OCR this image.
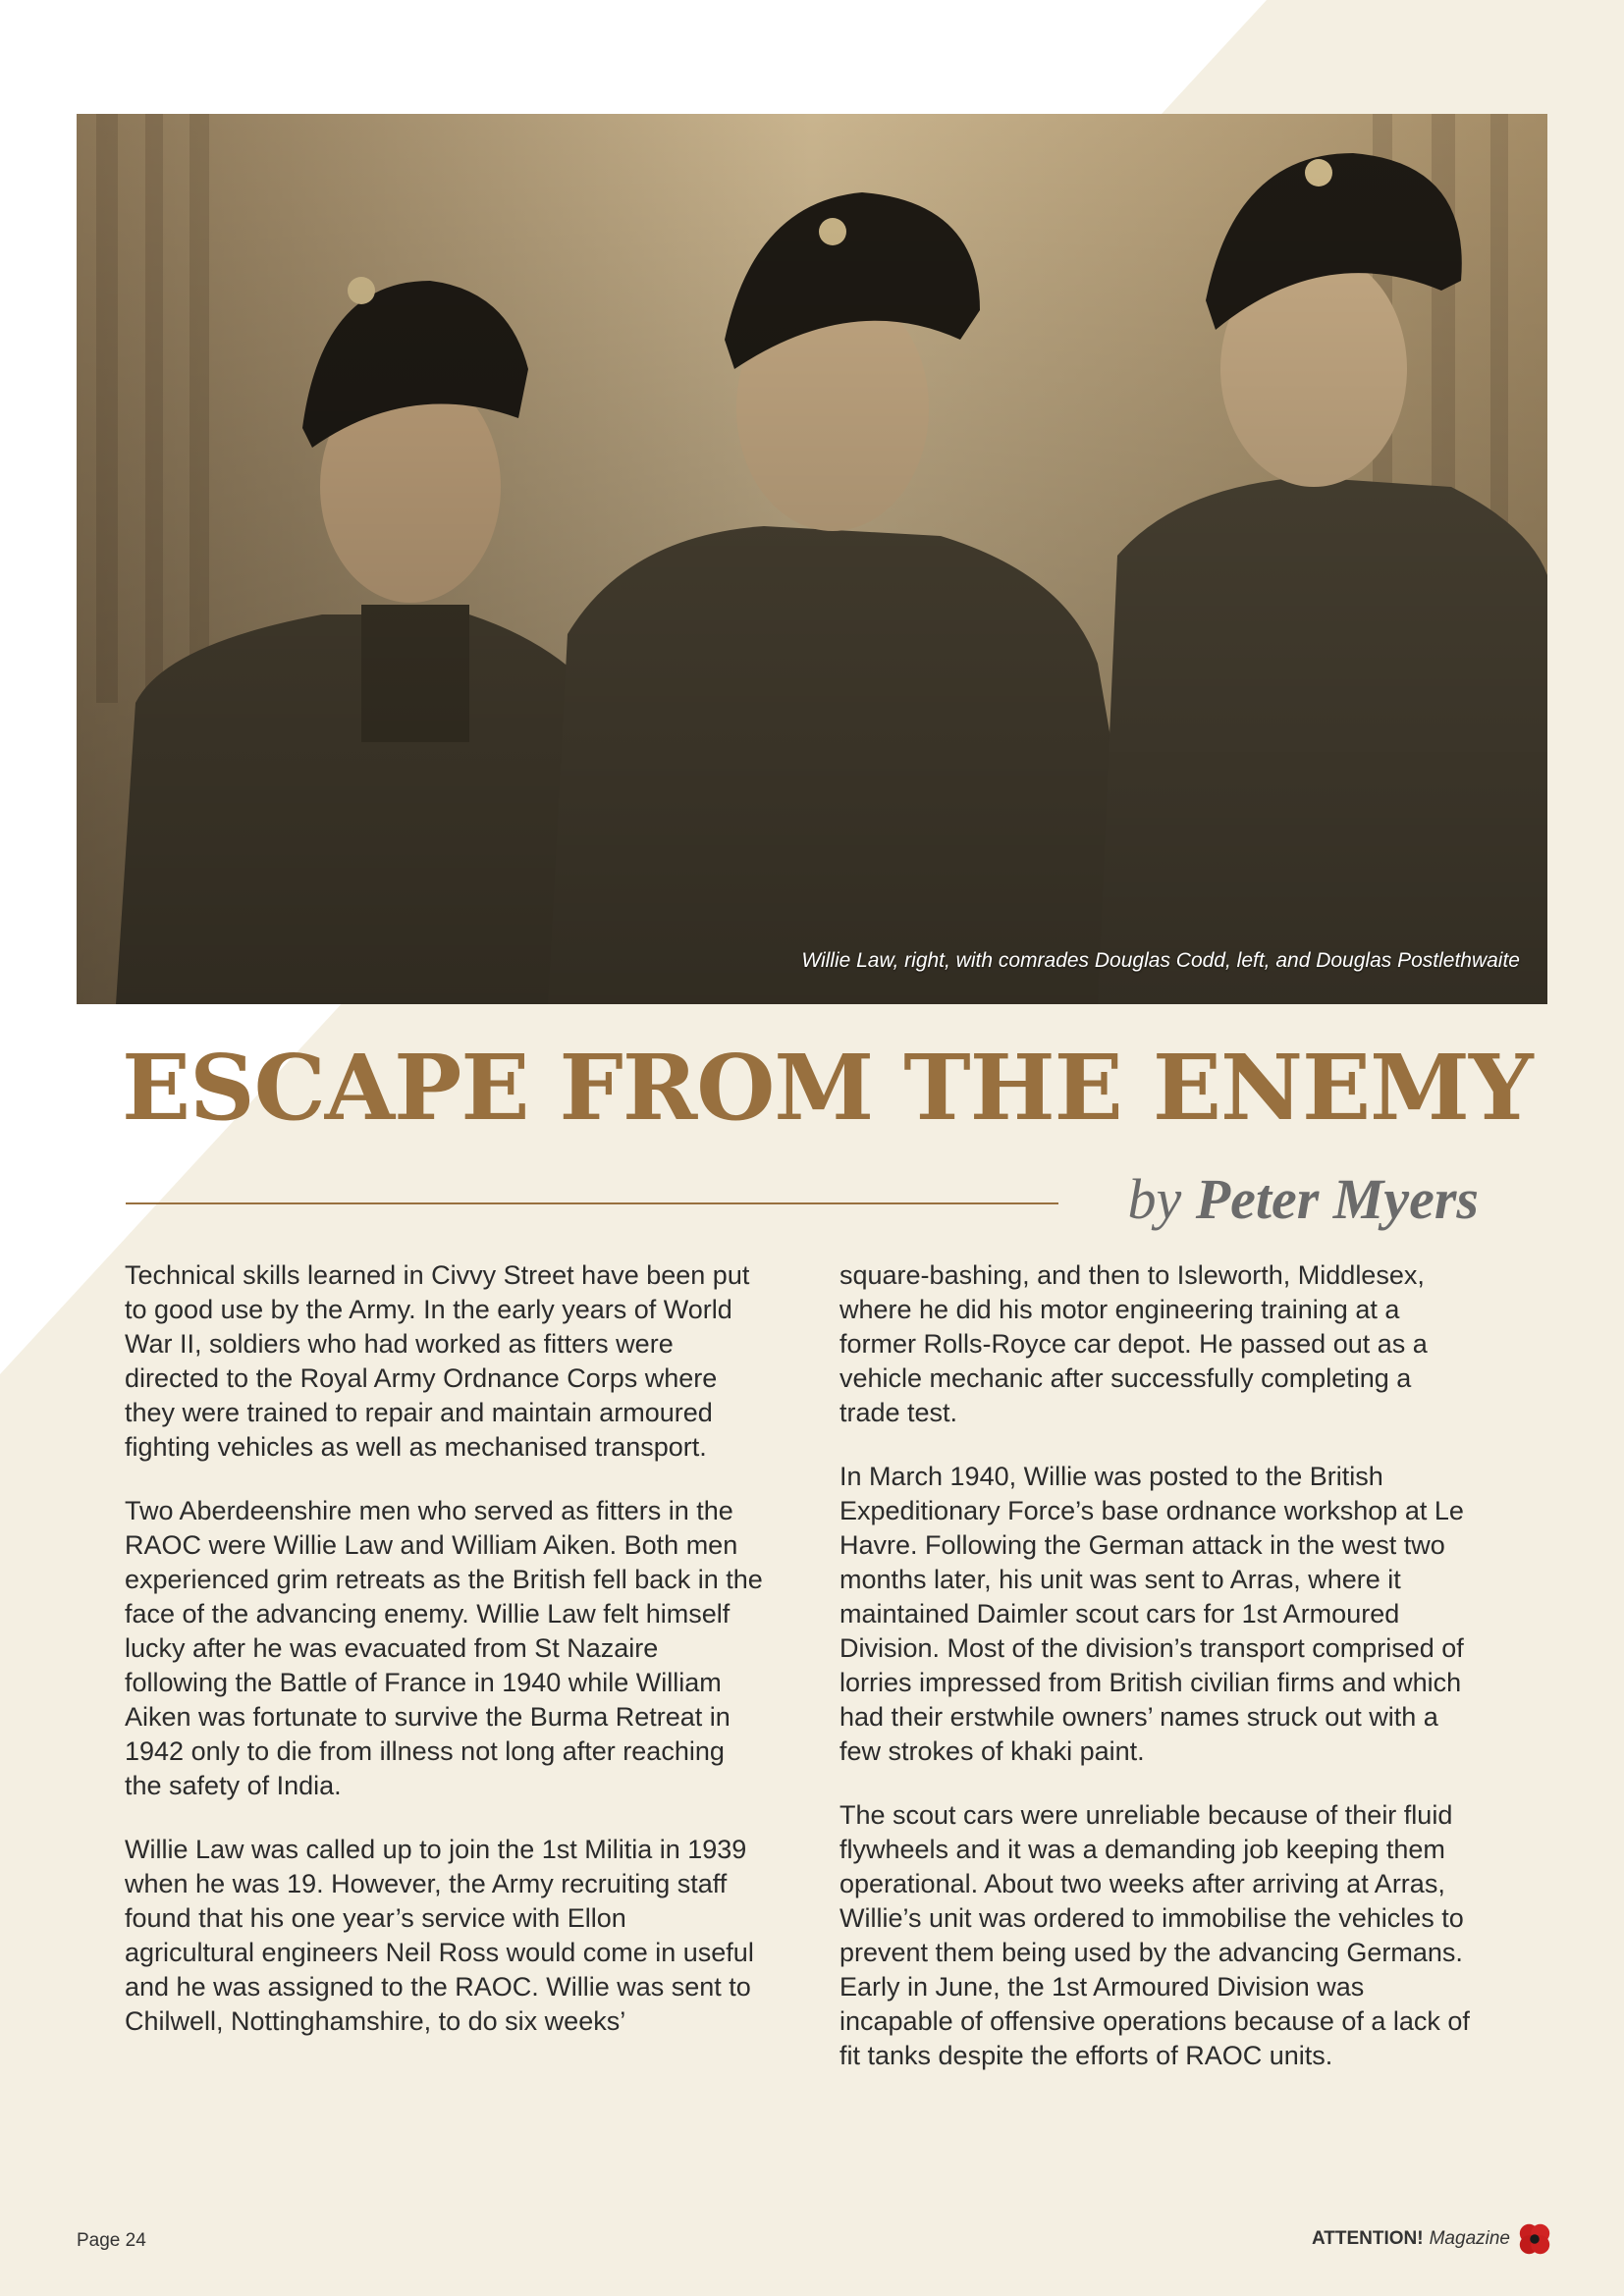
Willie Law, right, with comrades Douglas Codd, left, and Douglas Postlethwaite
ESCAPE FROM THE ENEMY
by Peter Myers

Technical skills learned in Civvy Street have been put to good use by the Army. In the early years of World War II, soldiers who had worked as fitters were directed to the Royal Army Ordnance Corps where they were trained to repair and maintain armoured fighting vehicles as well as mechanised transport.

Two Aberdeenshire men who served as fitters in the RAOC were Willie Law and William Aiken. Both men experienced grim retreats as the British fell back in the face of the advancing enemy. Willie Law felt himself lucky after he was evacuated from St Nazaire following the Battle of France in 1940 while William Aiken was fortunate to survive the Burma Retreat in 1942 only to die from illness not long after reaching the safety of India.

Willie Law was called up to join the 1st Militia in 1939 when he was 19. However, the Army recruiting staff found that his one year’s service with Ellon agricultural engineers Neil Ross would come in useful and he was assigned to the RAOC. Willie was sent to Chilwell, Nottinghamshire, to do six weeks’

square-bashing, and then to Isleworth, Middlesex, where he did his motor engineering training at a former Rolls-Royce car depot. He passed out as a vehicle mechanic after successfully completing a trade test.

In March 1940, Willie was posted to the British Expeditionary Force’s base ordnance workshop at Le Havre. Following the German attack in the west two months later, his unit was sent to Arras, where it maintained Daimler scout cars for 1st Armoured Division. Most of the division’s transport comprised of lorries impressed from British civilian firms and which had their erstwhile owners’ names struck out with a few strokes of khaki paint.

The scout cars were unreliable because of their fluid flywheels and it was a demanding job keeping them operational. About two weeks after arriving at Arras, Willie’s unit was ordered to immobilise the vehicles to prevent them being used by the advancing Germans. Early in June, the 1st Armoured Division was incapable of offensive operations because of a lack of fit tanks despite the efforts of RAOC units.

Page 24	ATTENTION! Magazine
